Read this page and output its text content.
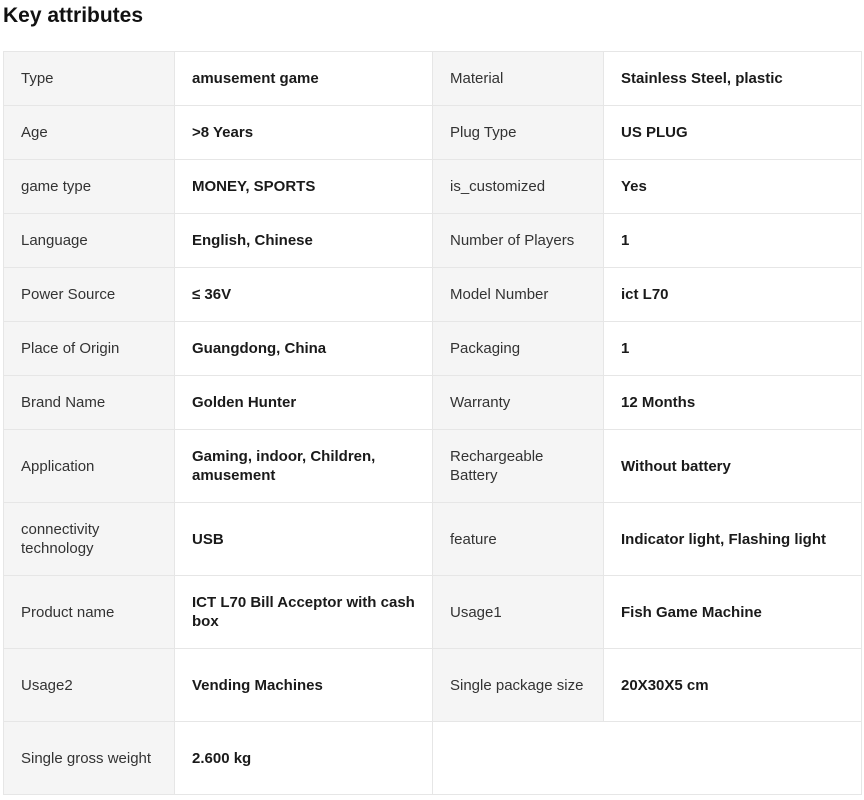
Key attributes
Type	amusement game	Material	Stainless Steel, plastic
Age	>8 Years	Plug Type	US PLUG
game type	MONEY, SPORTS	is_customized	Yes
Language	English, Chinese	Number of Players	1
Power Source	≤ 36V	Model Number	ict L70
Place of Origin	Guangdong, China	Packaging	1
Brand Name	Golden Hunter	Warranty	12 Months
Application	Gaming, indoor, Children, amusement	Rechargeable Battery	Without battery
connectivity technology	USB	feature	Indicator light, Flashing light
Product name	ICT L70 Bill Acceptor with cash box	Usage1	Fish Game Machine
Usage2	Vending Machines	Single package size	20X30X5 cm
Single gross weight	2.600 kg		
